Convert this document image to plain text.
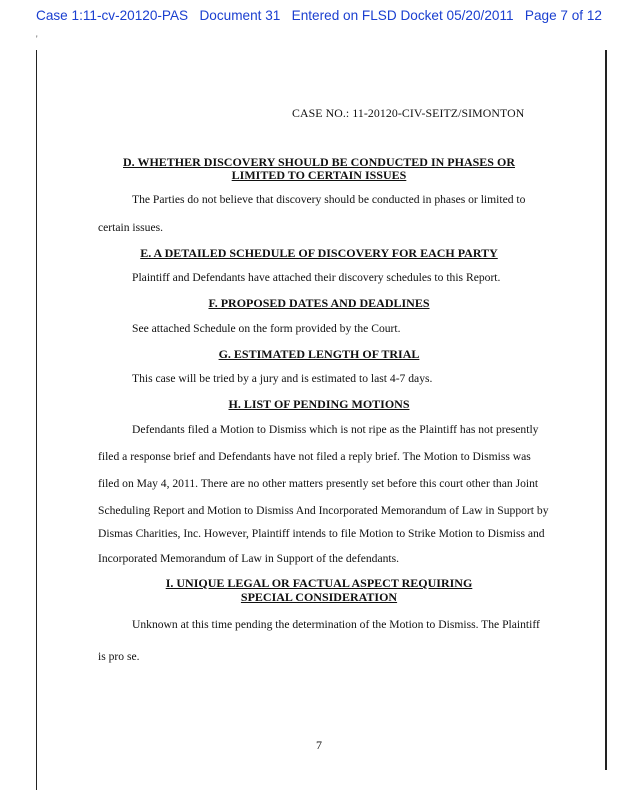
Case 1:11-cv-20120-PAS   Document 31   Entered on FLSD Docket 05/20/2011   Page 7 of 12
'
CASE NO.: 11-20120-CIV-SEITZ/SIMONTON
D. WHETHER DISCOVERY SHOULD BE CONDUCTED IN PHASES OR
LIMITED TO CERTAIN ISSUES
The Parties do not believe that discovery should be conducted in phases or limited to
certain issues.
E. A DETAILED SCHEDULE OF DISCOVERY FOR EACH PARTY
Plaintiff and Defendants have attached their discovery schedules to this Report.
F. PROPOSED DATES AND DEADLINES
See attached Schedule on the form provided by the Court.
G. ESTIMATED LENGTH OF TRIAL
This case will be tried by a jury and is estimated to last 4-7 days.
H. LIST OF PENDING MOTIONS
Defendants filed a Motion to Dismiss which is not ripe as the Plaintiff has not presently
filed a response brief and Defendants have not filed a reply brief. The Motion to Dismiss was
filed on May 4, 2011. There are no other matters presently set before this court other than Joint
Scheduling Report and Motion to Dismiss And Incorporated Memorandum of Law in Support by
Dismas Charities, Inc. However, Plaintiff intends to file Motion to Strike Motion to Dismiss and
Incorporated Memorandum of Law in Support of the defendants.
I. UNIQUE LEGAL OR FACTUAL ASPECT REQUIRING
SPECIAL CONSIDERATION
Unknown at this time pending the determination of the Motion to Dismiss. The Plaintiff
is pro se.
7
